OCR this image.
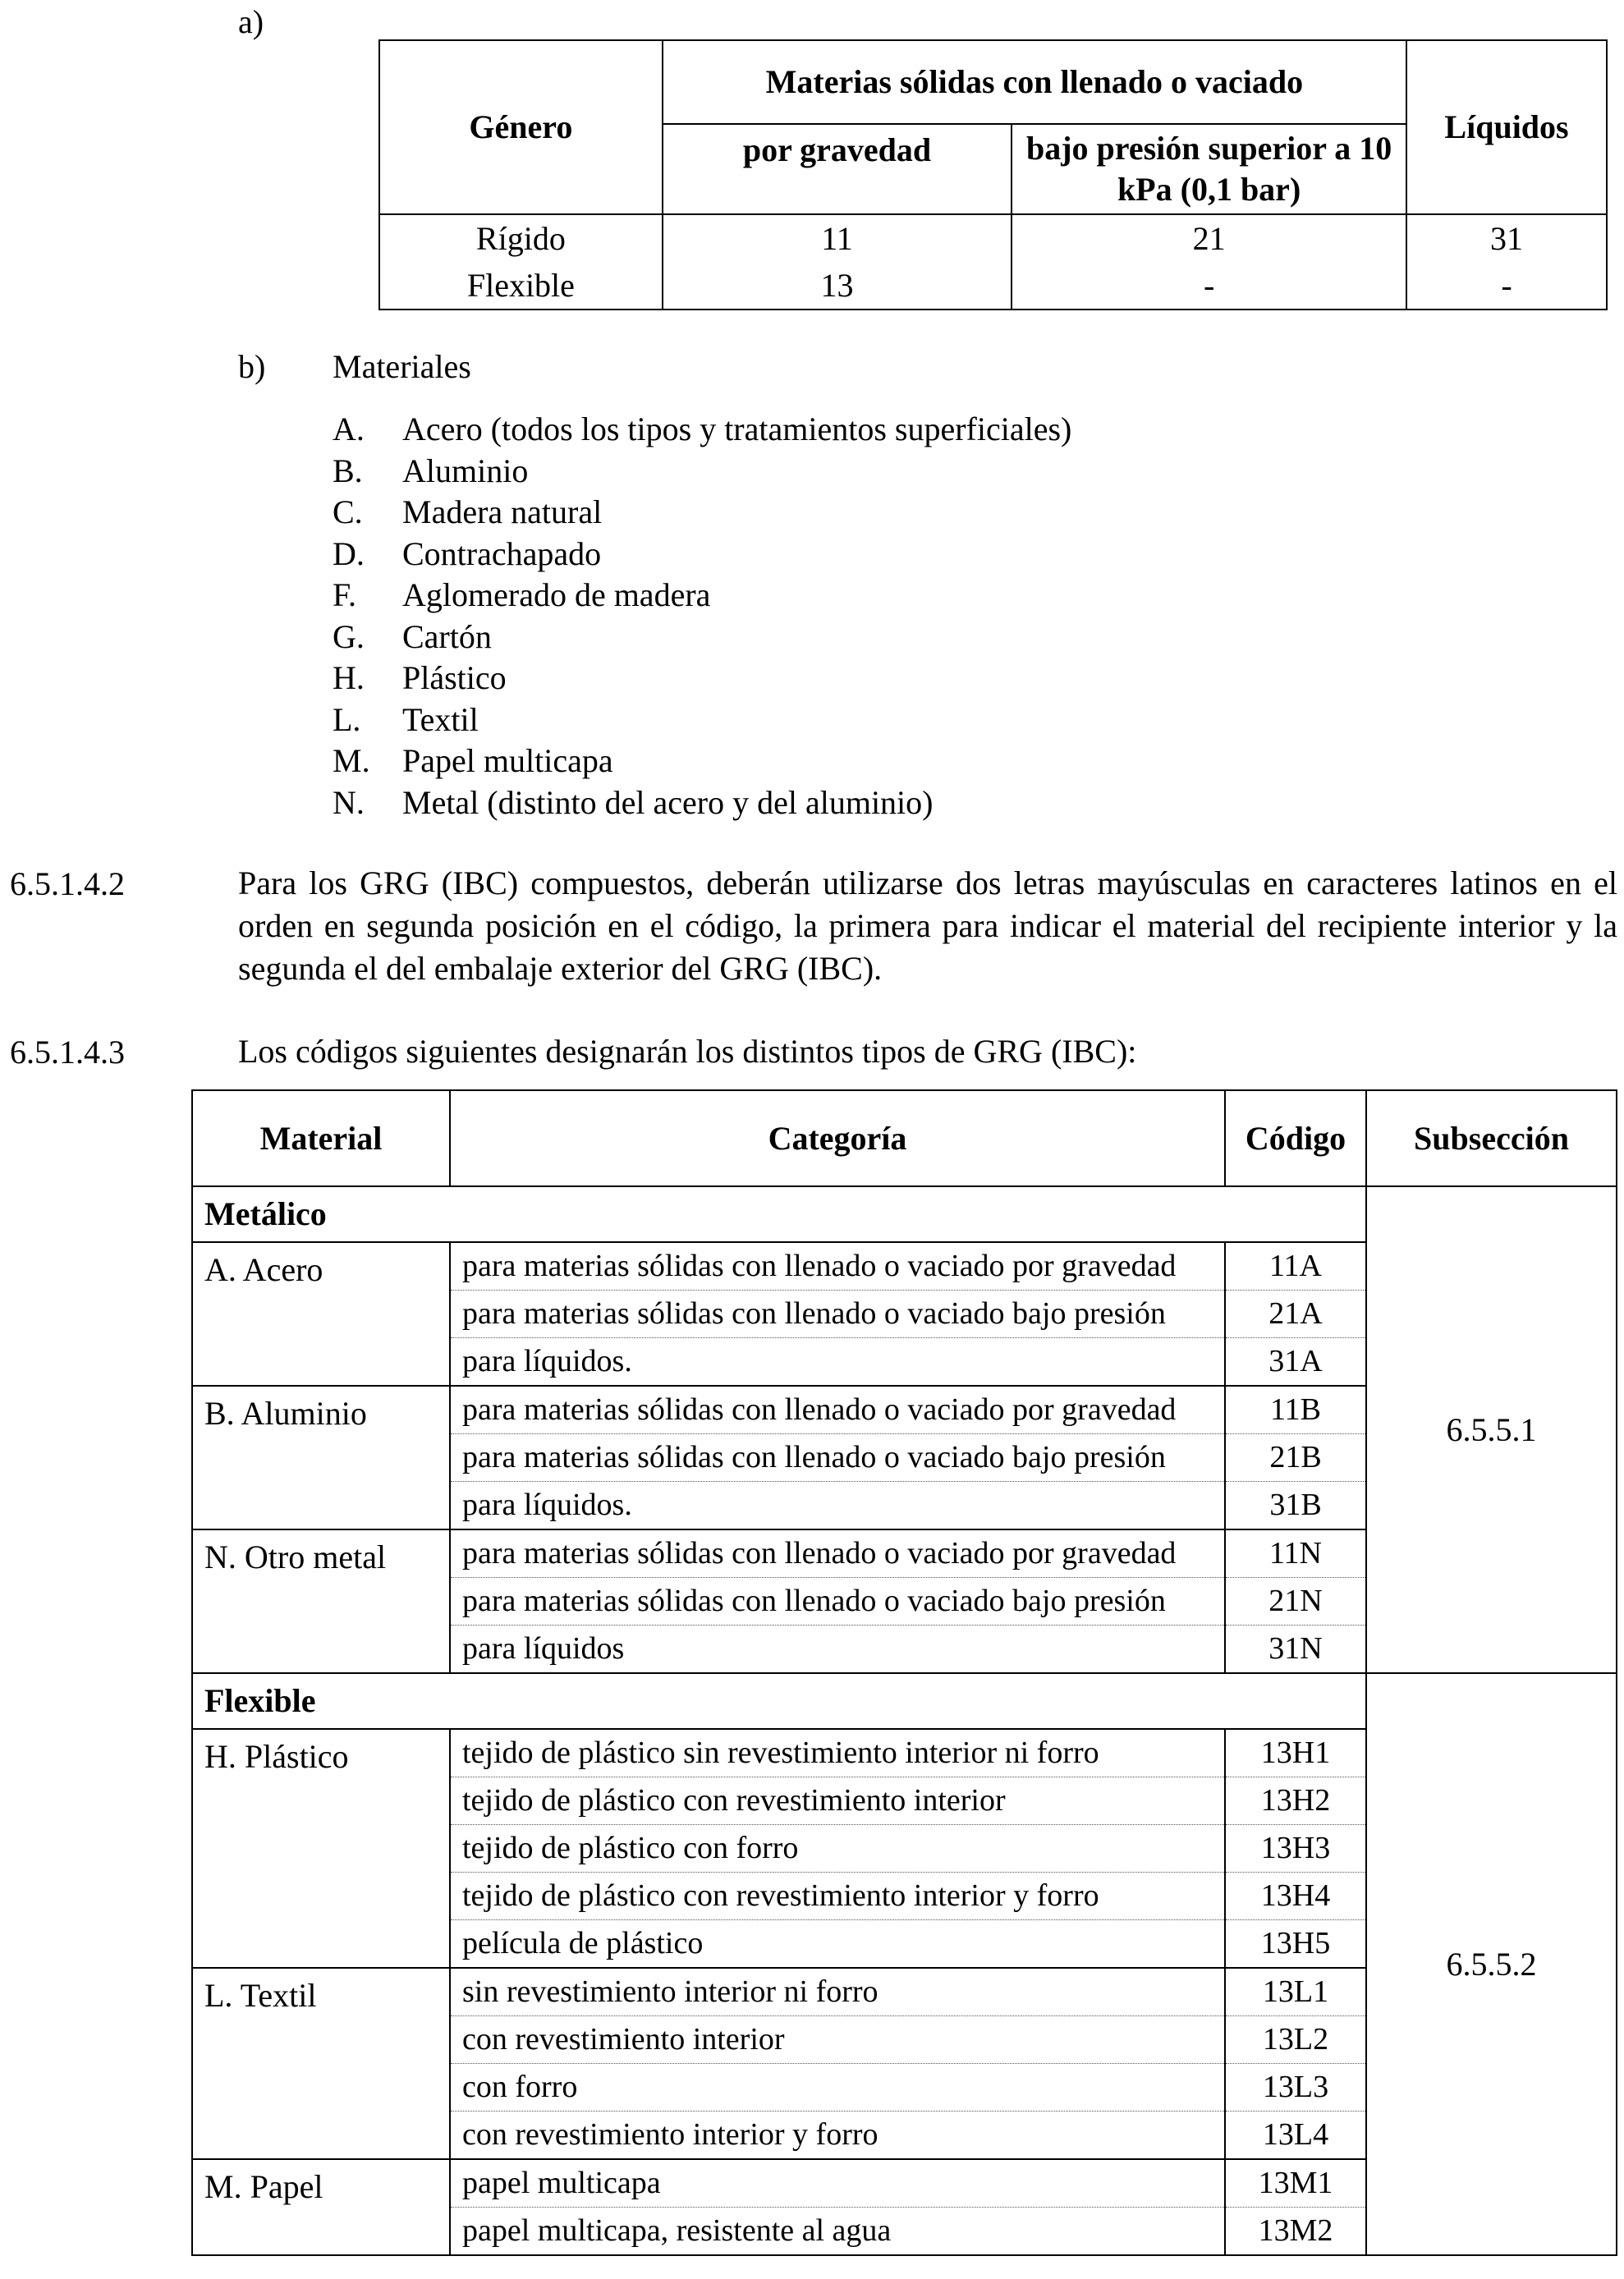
a)
Género	Materias sólidas con llenado o vaciado		Líquidos
	por gravedad	bajo presión superior a 10 kPa (0,1 bar)	
Rígido	11	21	31
Flexible	13	-	-
b) Materiales
A. Acero (todos los tipos y tratamientos superficiales)
B. Aluminio
C. Madera natural
D. Contrachapado
F. Aglomerado de madera
G. Cartón
H. Plástico
L. Textil
M. Papel multicapa
N. Metal (distinto del acero y del aluminio)
6.5.1.4.2	Para los GRG (IBC) compuestos, deberán utilizarse dos letras mayúsculas en caracteres latinos en el orden en segunda posición en el código, la primera para indicar el material del recipiente interior y la segunda el del embalaje exterior del GRG (IBC).
6.5.1.4.3	Los códigos siguientes designarán los distintos tipos de GRG (IBC):
Material	Categoría	Código	Subsección
Metálico			6.5.5.1
A. Acero	para materias sólidas con llenado o vaciado por gravedad	11A	
	para materias sólidas con llenado o vaciado bajo presión	21A	
	para líquidos.	31A	
B. Aluminio	para materias sólidas con llenado o vaciado por gravedad	11B	
	para materias sólidas con llenado o vaciado bajo presión	21B	
	para líquidos.	31B	
N. Otro metal	para materias sólidas con llenado o vaciado por gravedad	11N	
	para materias sólidas con llenado o vaciado bajo presión	21N	
	para líquidos	31N	
Flexible			6.5.5.2
H. Plástico	tejido de plástico sin revestimiento interior ni forro	13H1	
	tejido de plástico con revestimiento interior	13H2	
	tejido de plástico con forro	13H3	
	tejido de plástico con revestimiento interior y forro	13H4	
	película de plástico	13H5	
L. Textil	sin revestimiento interior ni forro	13L1	
	con revestimiento interior	13L2	
	con forro	13L3	
	con revestimiento interior y forro	13L4	
M. Papel	papel multicapa	13M1	
	papel multicapa, resistente al agua	13M2	
